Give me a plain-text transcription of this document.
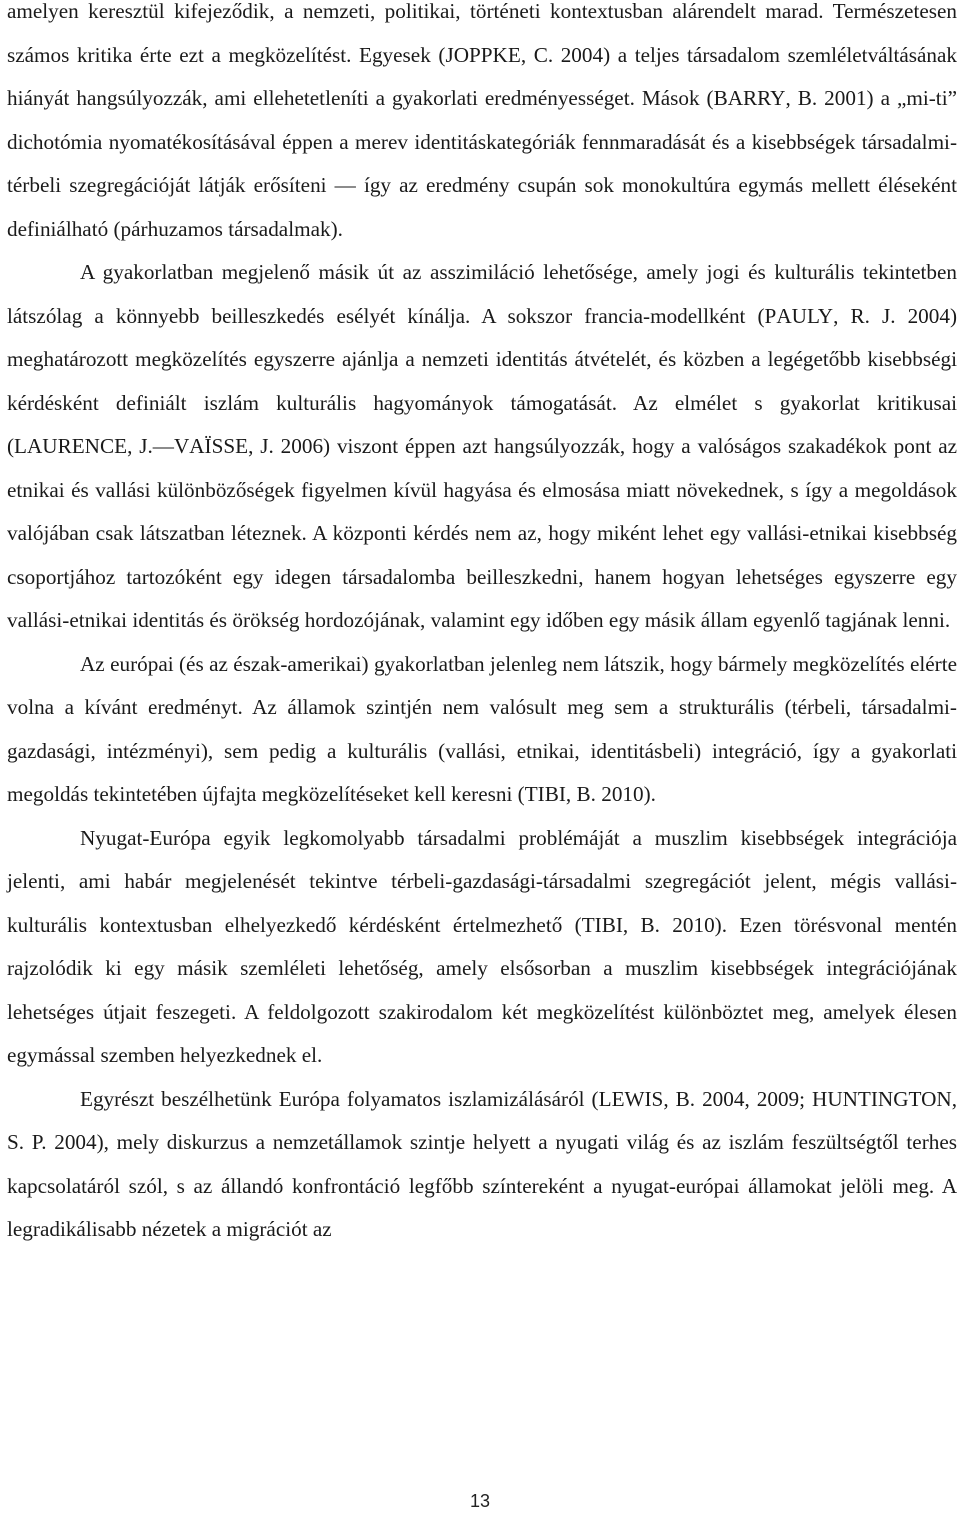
amelyen keresztül kifejeződik, a nemzeti, politikai, történeti kontextusban alárendelt marad. Természetesen számos kritika érte ezt a megközelítést. Egyesek (JOPPKE, C. 2004) a teljes társadalom szemléletváltásának hiányát hangsúlyozzák, ami ellehetetleníti a gyakorlati eredményességet. Mások (BARRY, B. 2001) a „mi-ti” dichotómia nyomatékosításával éppen a merev identitáskategóriák fennmaradását és a kisebbségek társadalmi-térbeli szegregációját látják erősíteni ― így az eredmény csupán sok monokultúra egymás mellett éléseként definiálható (párhuzamos társadalmak).

A gyakorlatban megjelenő másik út az asszimiláció lehetősége, amely jogi és kulturális tekintetben látszólag a könnyebb beilleszkedés esélyét kínálja. A sokszor francia-modellként (PAULY, R. J. 2004) meghatározott megközelítés egyszerre ajánlja a nemzeti identitás átvételét, és közben a legégetőbb kisebbségi kérdésként definiált iszlám kulturális hagyományok támogatását. Az elmélet s gyakorlat kritikusai (LAURENCE, J.―VAÏSSE, J. 2006) viszont éppen azt hangsúlyozzák, hogy a valóságos szakadékok pont az etnikai és vallási különbözőségek figyelmen kívül hagyása és elmosása miatt növekednek, s így a megoldások valójában csak látszatban léteznek. A központi kérdés nem az, hogy miként lehet egy vallási-etnikai kisebbség csoportjához tartozóként egy idegen társadalomba beilleszkedni, hanem hogyan lehetséges egyszerre egy vallási-etnikai identitás és örökség hordozójának, valamint egy időben egy másik állam egyenlő tagjának lenni.

Az európai (és az észak-amerikai) gyakorlatban jelenleg nem látszik, hogy bármely megközelítés elérte volna a kívánt eredményt. Az államok szintjén nem valósult meg sem a strukturális (térbeli, társadalmi-gazdasági, intézményi), sem pedig a kulturális (vallási, etnikai, identitásbeli) integráció, így a gyakorlati megoldás tekintetében újfajta megközelítéseket kell keresni (TIBI, B. 2010).

Nyugat-Európa egyik legkomolyabb társadalmi problémáját a muszlim kisebbségek integrációja jelenti, ami habár megjelenését tekintve térbeli-gazdasági-társadalmi szegregációt jelent, mégis vallási-kulturális kontextusban elhelyezkedő kérdésként értelmezhető (TIBI, B. 2010). Ezen törésvonal mentén rajzolódik ki egy másik szemléleti lehetőség, amely elsősorban a muszlim kisebbségek integrációjának lehetséges útjait feszegeti. A feldolgozott szakirodalom két megközelítést különböztet meg, amelyek élesen egymással szemben helyezkednek el.

Egyrészt beszélhetünk Európa folyamatos iszlamizálásáról (LEWIS, B. 2004, 2009; HUNTINGTON, S. P. 2004), mely diskurzus a nemzetállamok szintje helyett a nyugati világ és az iszlám feszültségtől terhes kapcsolatáról szól, s az állandó konfrontáció legfőbb színtereként a nyugat-európai államokat jelöli meg. A legradikálisabb nézetek a migrációt az

13
